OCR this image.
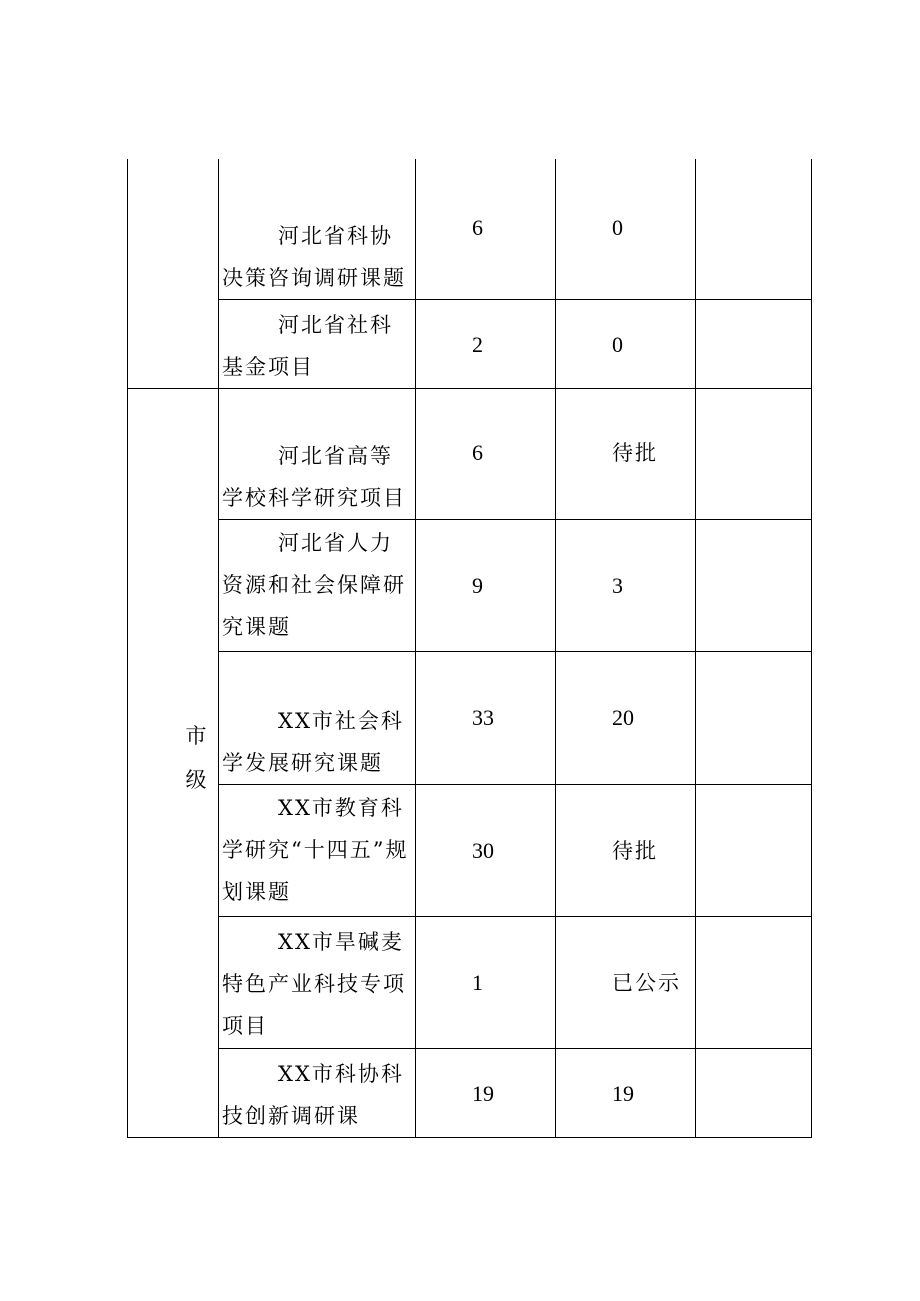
	河北省科协决策咨询调研课题	6	0	

	河北省社科基金项目	2	0	

	河北省高等学校科学研究项目	6	待批	

	河北省人力资源和社会保障研究课题	9	3	

	XX市社会科学发展研究课题	33	20	

	XX市教育科学研究“十四五”规划课题	30	待批	

	XX市旱碱麦特色产业科技专项项目	1	已公示	

	XX市科协科技创新调研课	19	19	

市级
